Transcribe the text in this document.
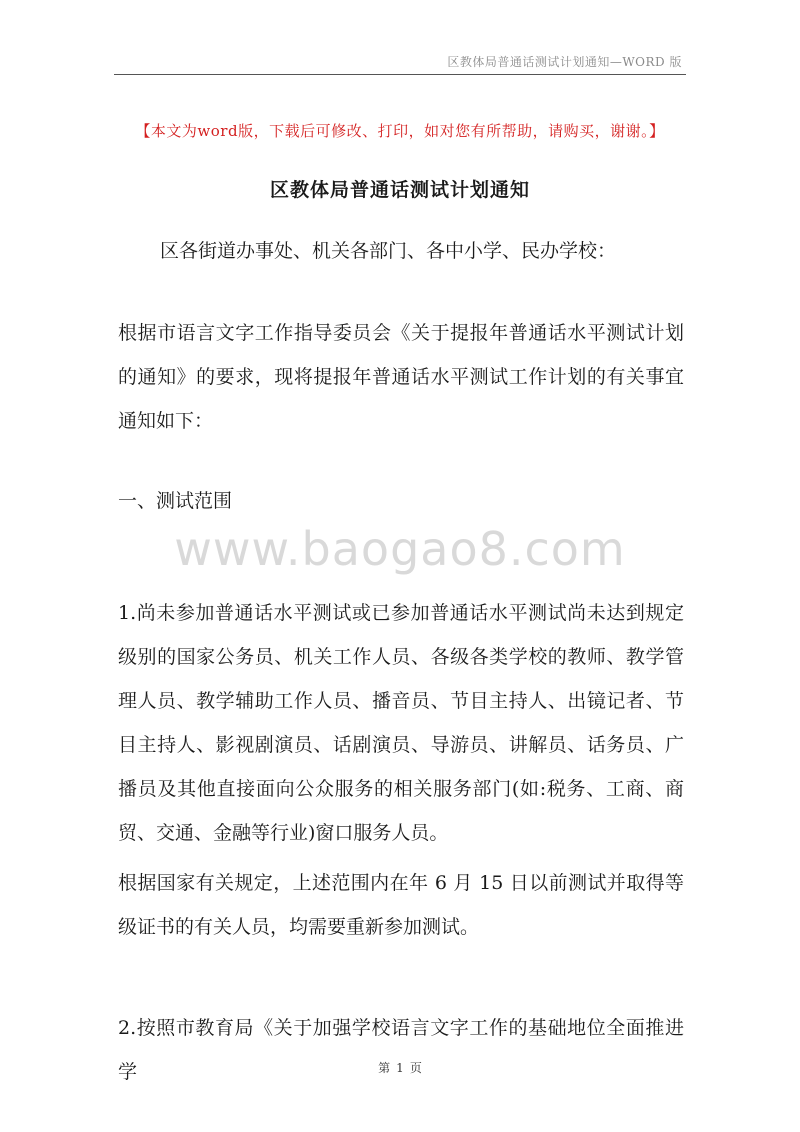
区教体局普通话测试计划通知—WORD 版
【本文为word版，下载后可修改、打印，如对您有所帮助，请购买，谢谢。】
区教体局普通话测试计划通知

区各街道办事处、机关各部门、各中小学、民办学校：

根据市语言文字工作指导委员会《关于提报年普通话水平测试计划的通知》的要求，现将提报年普通话水平测试工作计划的有关事宜通知如下：

一、测试范围

www.baogao8.com

1.尚未参加普通话水平测试或已参加普通话水平测试尚未达到规定级别的国家公务员、机关工作人员、各级各类学校的教师、教学管理人员、教学辅助工作人员、播音员、节目主持人、出镜记者、节目主持人、影视剧演员、话剧演员、导游员、讲解员、话务员、广播员及其他直接面向公众服务的相关服务部门(如:税务、工商、商贸、交通、金融等行业)窗口服务人员。

根据国家有关规定，上述范围内在年 6 月 15 日以前测试并取得等级证书的有关人员，均需要重新参加测试。

2.按照市教育局《关于加强学校语言文字工作的基础地位全面推进学	第 1 页
